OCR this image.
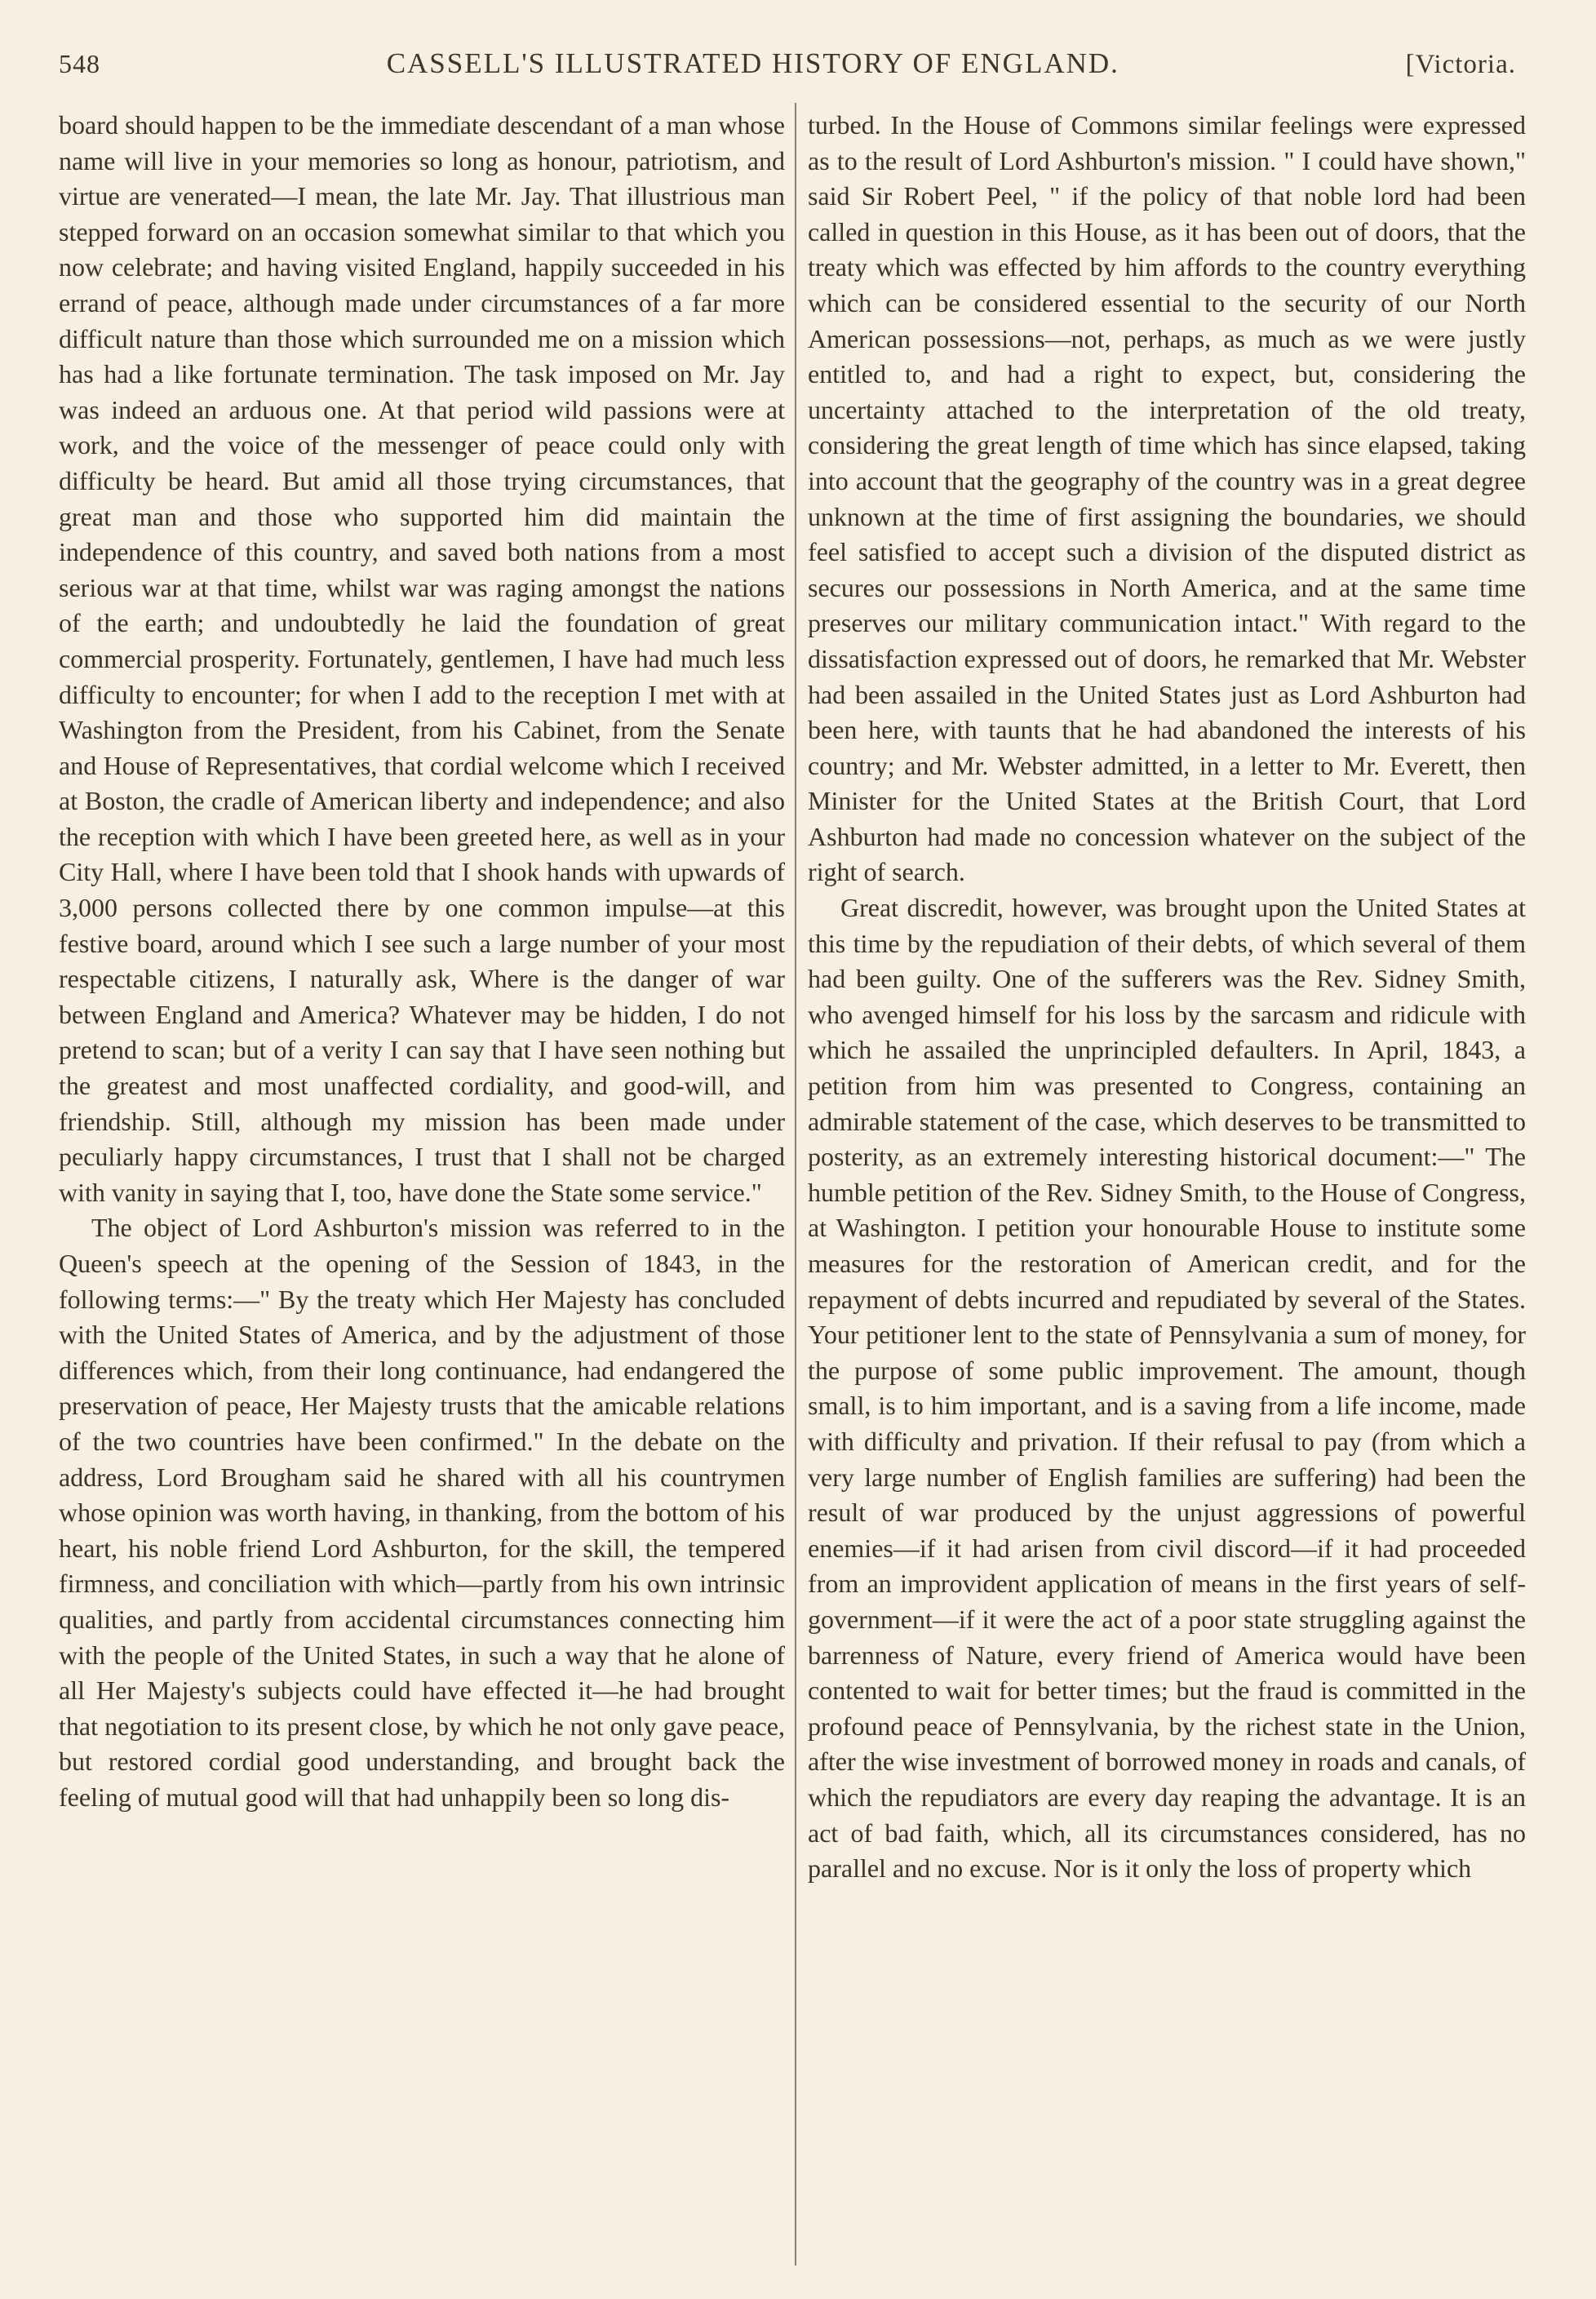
548	CASSELL'S ILLUSTRATED HISTORY OF ENGLAND.	[Victoria.

board should happen to be the immediate descendant of a man whose name will live in your memories so long as honour, patriotism, and virtue are venerated—I mean, the late Mr. Jay. That illustrious man stepped forward on an occasion somewhat similar to that which you now celebrate; and having visited England, happily succeeded in his errand of peace, although made under circumstances of a far more difficult nature than those which surrounded me on a mission which has had a like fortunate termination. The task imposed on Mr. Jay was indeed an arduous one. At that period wild passions were at work, and the voice of the messenger of peace could only with difficulty be heard. But amid all those trying circumstances, that great man and those who supported him did maintain the independence of this country, and saved both nations from a most serious war at that time, whilst war was raging amongst the nations of the earth; and undoubtedly he laid the foundation of great commercial prosperity. Fortunately, gentlemen, I have had much less difficulty to encounter; for when I add to the reception I met with at Washington from the President, from his Cabinet, from the Senate and House of Representatives, that cordial welcome which I received at Boston, the cradle of American liberty and independence; and also the reception with which I have been greeted here, as well as in your City Hall, where I have been told that I shook hands with upwards of 3,000 persons collected there by one common impulse—at this festive board, around which I see such a large number of your most respectable citizens, I naturally ask, Where is the danger of war between England and America? Whatever may be hidden, I do not pretend to scan; but of a verity I can say that I have seen nothing but the greatest and most unaffected cordiality, and good-will, and friendship. Still, although my mission has been made under peculiarly happy circumstances, I trust that I shall not be charged with vanity in saying that I, too, have done the State some service."

The object of Lord Ashburton's mission was referred to in the Queen's speech at the opening of the Session of 1843, in the following terms:—" By the treaty which Her Majesty has concluded with the United States of America, and by the adjustment of those differences which, from their long continuance, had endangered the preservation of peace, Her Majesty trusts that the amicable relations of the two countries have been confirmed." In the debate on the address, Lord Brougham said he shared with all his countrymen whose opinion was worth having, in thanking, from the bottom of his heart, his noble friend Lord Ashburton, for the skill, the tempered firmness, and conciliation with which—partly from his own intrinsic qualities, and partly from accidental circumstances connecting him with the people of the United States, in such a way that he alone of all Her Majesty's subjects could have effected it—he had brought that negotiation to its present close, by which he not only gave peace, but restored cordial good understanding, and brought back the feeling of mutual good will that had unhappily been so long dis-

turbed. In the House of Commons similar feelings were expressed as to the result of Lord Ashburton's mission. " I could have shown," said Sir Robert Peel, " if the policy of that noble lord had been called in question in this House, as it has been out of doors, that the treaty which was effected by him affords to the country everything which can be considered essential to the security of our North American possessions—not, perhaps, as much as we were justly entitled to, and had a right to expect, but, considering the uncertainty attached to the interpretation of the old treaty, considering the great length of time which has since elapsed, taking into account that the geography of the country was in a great degree unknown at the time of first assigning the boundaries, we should feel satisfied to accept such a division of the disputed district as secures our possessions in North America, and at the same time preserves our military communication intact." With regard to the dissatisfaction expressed out of doors, he remarked that Mr. Webster had been assailed in the United States just as Lord Ashburton had been here, with taunts that he had abandoned the interests of his country; and Mr. Webster admitted, in a letter to Mr. Everett, then Minister for the United States at the British Court, that Lord Ashburton had made no concession whatever on the subject of the right of search.

Great discredit, however, was brought upon the United States at this time by the repudiation of their debts, of which several of them had been guilty. One of the sufferers was the Rev. Sidney Smith, who avenged himself for his loss by the sarcasm and ridicule with which he assailed the unprincipled defaulters. In April, 1843, a petition from him was presented to Congress, containing an admirable statement of the case, which deserves to be transmitted to posterity, as an extremely interesting historical document:—" The humble petition of the Rev. Sidney Smith, to the House of Congress, at Washington. I petition your honourable House to institute some measures for the restoration of American credit, and for the repayment of debts incurred and repudiated by several of the States. Your petitioner lent to the state of Pennsylvania a sum of money, for the purpose of some public improvement. The amount, though small, is to him important, and is a saving from a life income, made with difficulty and privation. If their refusal to pay (from which a very large number of English families are suffering) had been the result of war produced by the unjust aggressions of powerful enemies—if it had arisen from civil discord—if it had proceeded from an improvident application of means in the first years of self-government—if it were the act of a poor state struggling against the barrenness of Nature, every friend of America would have been contented to wait for better times; but the fraud is committed in the profound peace of Pennsylvania, by the richest state in the Union, after the wise investment of borrowed money in roads and canals, of which the repudiators are every day reaping the advantage. It is an act of bad faith, which, all its circumstances considered, has no parallel and no excuse. Nor is it only the loss of property which
